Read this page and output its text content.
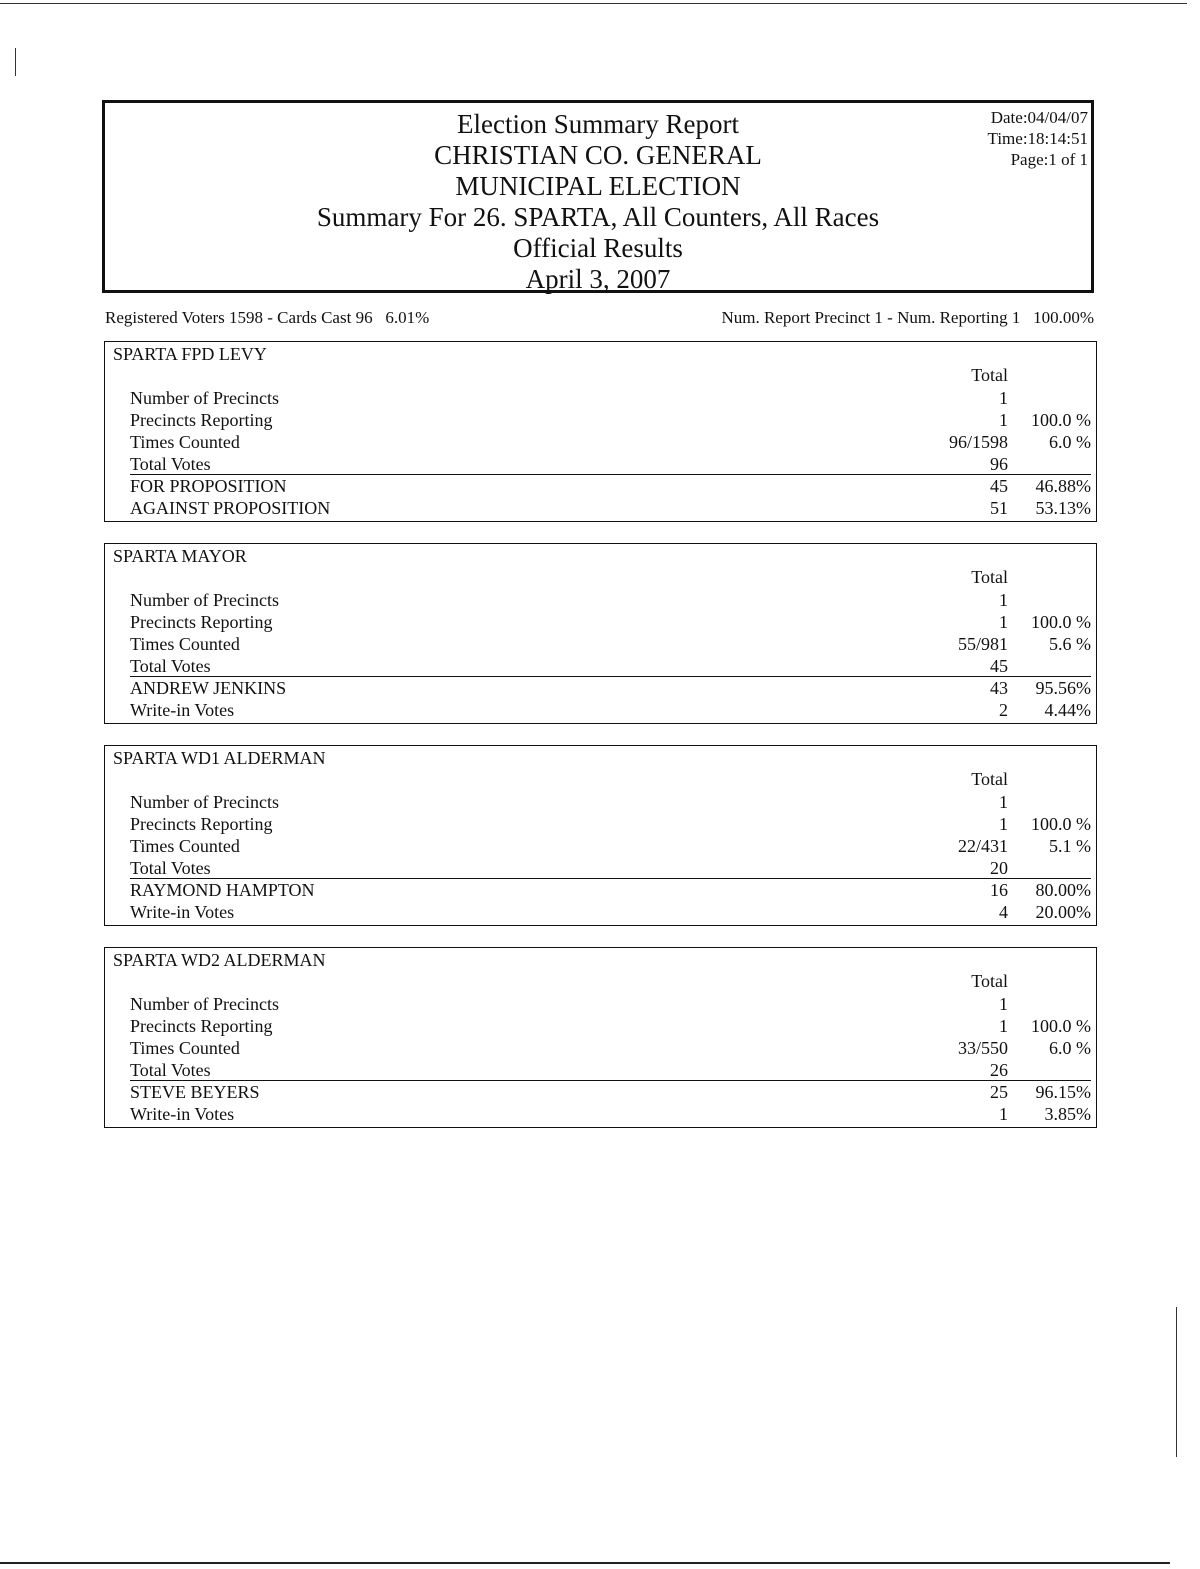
Election Summary Report
CHRISTIAN CO. GENERAL
MUNICIPAL ELECTION
Summary For 26. SPARTA, All Counters, All Races
Official Results
April 3, 2007
Date:04/04/07
Time:18:14:51
Page:1 of 1
Registered Voters 1598 - Cards Cast 96   6.01%	Num. Report Precinct 1 - Num. Reporting 1   100.00%
SPARTA FPD LEVY
Total
Number of Precincts	1
Precincts Reporting	1 100.0 %
Times Counted	96/1598 6.0 %
Total Votes	96
FOR PROPOSITION	45 46.88%
AGAINST PROPOSITION	51 53.13%
SPARTA MAYOR
Total
Number of Precincts	1
Precincts Reporting	1 100.0 %
Times Counted	55/981 5.6 %
Total Votes	45
ANDREW JENKINS	43 95.56%
Write-in Votes	2 4.44%
SPARTA WD1 ALDERMAN
Total
Number of Precincts	1
Precincts Reporting	1 100.0 %
Times Counted	22/431 5.1 %
Total Votes	20
RAYMOND HAMPTON	16 80.00%
Write-in Votes	4 20.00%
SPARTA WD2 ALDERMAN
Total
Number of Precincts	1
Precincts Reporting	1 100.0 %
Times Counted	33/550 6.0 %
Total Votes	26
STEVE BEYERS	25 96.15%
Write-in Votes	1 3.85%
